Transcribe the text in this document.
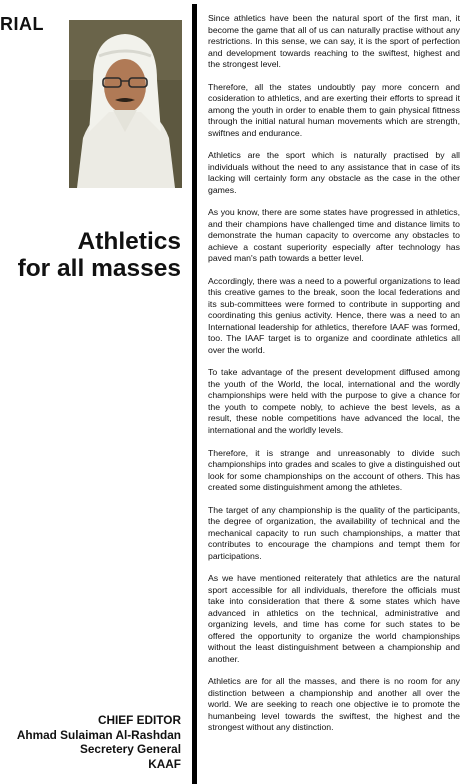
RIAL
Athletics
for all masses
CHIEF EDITOR
Ahmad Sulaiman Al-Rashdan
Secretery General
KAAF

Since athletics have been the natural sport of the first man, it become the game that all of us can naturally practise without any restrictions. In this sense, we can say, it is the sport of perfection and development towards reaching to the swiftest, highest and the strongest level.

Therefore, all the states undoubtly pay more concern and cosideration to athletics, and are exerting their efforts to spread it among the youth in order to enable them to gain physical fittness through the initial natural human movements which are strength, swiftnes and endurance.

Athletics are the sport which is naturally practised by all individuals without the need to any assistance that in case of its lacking will certainly form any obstacle as the case in the other games.

As you know, there are some states have progressed in athletics, and their champions have challenged time and distance limits to demonstrate the human capacity to overcome any obstacles to achieve a costant superiority especially after technology has paved man's path towards a better level.

Accordingly, there was a need to a powerful organizations to lead this creative games to the break, soon the local federations and its sub-committees were formed to contribute in supporting and coordinating this genius activity. Hence, there was a need to an International leadership for athletics, therefore IAAF was formed, too. The IAAF target is to organize and coordinate athletics all over the world.

To take advantage of the present development diffused among the youth of the World, the local, international and the wordly championships were held with the purpose to give a chance for the youth to compete nobly, to achieve the best levels, as a result, these noble competitions have advanced the local, the international and the worldly levels.

Therefore, it is strange and unreasonably to divide such championships into grades and scales to give a distinguished out look for some championships on the account of others. This has created some distinguishment among the athletes.

The target of any championship is the quality of the participants, the degree of organization, the availability of technical and the mechanical capacity to run such championships, a matter that contributes to encourage the champions and tempt them for participations.

As we have mentioned reiterately that athletics are the natural sport accessible for all individuals, therefore the officials must take into consideration that there & some states which have advanced in athletics on the technical, administrative and organizing levels, and time has come for such states to be offered the opportunity to organize the world championships without the least distinguishment between a championship and another.

Athletics are for all the masses, and there is no room for any distinction between a championship and another all over the world. We are seeking to reach one objective ie to promote the humanbeing level towards the swiftest, the highest and the strongest without any distinction.
